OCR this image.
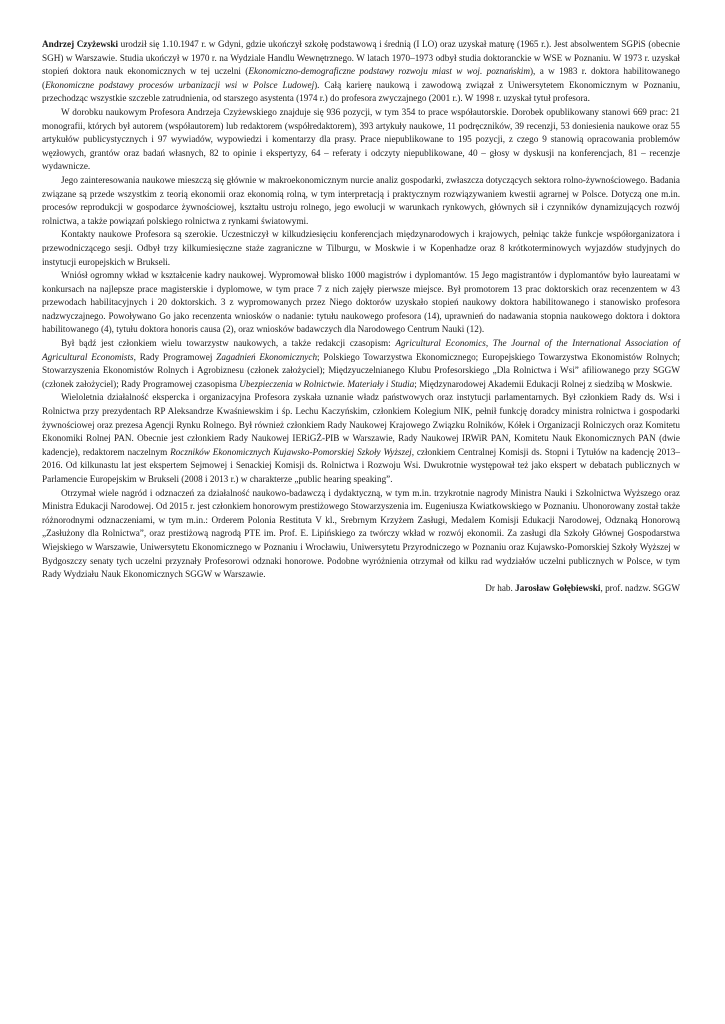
Andrzej Czyżewski urodził się 1.10.1947 r. w Gdyni, gdzie ukończył szkołę podstawową i średnią (I LO) oraz uzyskał maturę (1965 r.). Jest absolwentem SGPiS (obecnie SGH) w Warszawie. Studia ukończył w 1970 r. na Wydziale Handlu Wewnętrznego. W latach 1970–1973 odbył studia doktoranckie w WSE w Poznaniu. W 1973 r. uzyskał stopień doktora nauk ekonomicznych w tej uczelni (Ekonomiczno-demograficzne podstawy rozwoju miast w woj. poznańskim), a w 1983 r. doktora habilitowanego (Ekonomiczne podstawy procesów urbanizacji wsi w Polsce Ludowej). Całą karierę naukową i zawodową związał z Uniwersytetem Ekonomicznym w Poznaniu, przechodząc wszystkie szczeble zatrudnienia, od starszego asystenta (1974 r.) do profesora zwyczajnego (2001 r.). W 1998 r. uzyskał tytuł profesora.

W dorobku naukowym Profesora Andrzeja Czyżewskiego znajduje się 936 pozycji, w tym 354 to prace współautorskie. Dorobek opublikowany stanowi 669 prac: 21 monografii, których był autorem (współautorem) lub redaktorem (współredaktorem), 393 artykuły naukowe, 11 podręczników, 39 recenzji, 53 doniesienia naukowe oraz 55 artykułów publicystycznych i 97 wywiadów, wypowiedzi i komentarzy dla prasy. Prace niepublikowane to 195 pozycji, z czego 9 stanowią opracowania problemów węzłowych, grantów oraz badań własnych, 82 to opinie i ekspertyzy, 64 – referaty i odczyty niepublikowane, 40 – głosy w dyskusji na konferencjach, 81 – recenzje wydawnicze.

Jego zainteresowania naukowe mieszczą się głównie w makroekonomicznym nurcie analiz gospodarki, zwłaszcza dotyczących sektora rolno-żywnościowego. Badania związane są przede wszystkim z teorią ekonomii oraz ekonomią rolną, w tym interpretacją i praktycznym rozwiązywaniem kwestii agrarnej w Polsce. Dotyczą one m.in. procesów reprodukcji w gospodarce żywnościowej, kształtu ustroju rolnego, jego ewolucji w warunkach rynkowych, głównych sił i czynników dynamizujących rozwój rolnictwa, a także powiązań polskiego rolnictwa z rynkami światowymi.

Kontakty naukowe Profesora są szerokie. Uczestniczył w kilkudziesięciu konferencjach międzynarodowych i krajowych, pełniąc także funkcje współorganizatora i przewodniczącego sesji. Odbył trzy kilkumiesięczne staże zagraniczne w Tilburgu, w Moskwie i w Kopenhadze oraz 8 krótkoterminowych wyjazdów studyjnych do instytucji europejskich w Brukseli.

Wniósł ogromny wkład w kształcenie kadry naukowej. Wypromował blisko 1000 magistrów i dyplomantów. 15 Jego magistrantów i dyplomantów było laureatami w konkursach na najlepsze prace magisterskie i dyplomowe, w tym prace 7 z nich zajęły pierwsze miejsce. Był promotorem 13 prac doktorskich oraz recenzentem w 43 przewodach habilitacyjnych i 20 doktorskich. 3 z wypromowanych przez Niego doktorów uzyskało stopień naukowy doktora habilitowanego i stanowisko profesora nadzwyczajnego. Powoływano Go jako recenzenta wniosków o nadanie: tytułu naukowego profesora (14), uprawnień do nadawania stopnia naukowego doktora i doktora habilitowanego (4), tytułu doktora honoris causa (2), oraz wniosków badawczych dla Narodowego Centrum Nauki (12).

Był bądź jest członkiem wielu towarzystw naukowych, a także redakcji czasopism: Agricultural Economics, The Journal of the International Association of Agricultural Economists, Rady Programowej Zagadnień Ekonomicznych; Polskiego Towarzystwa Ekonomicznego; Europejskiego Towarzystwa Ekonomistów Rolnych; Stowarzyszenia Ekonomistów Rolnych i Agrobiznesu (członek założyciel); Międzyuczelnianego Klubu Profesorskiego „Dla Rolnictwa i Wsi” afiliowanego przy SGGW (członek założyciel); Rady Programowej czasopisma Ubezpieczenia w Rolnictwie. Materiały i Studia; Międzynarodowej Akademii Edukacji Rolnej z siedzibą w Moskwie.

Wieloletnia działalność ekspercka i organizacyjna Profesora zyskała uznanie władz państwowych oraz instytucji parlamentarnych. Był członkiem Rady ds. Wsi i Rolnictwa przy prezydentach RP Aleksandrze Kwaśniewskim i śp. Lechu Kaczyńskim, członkiem Kolegium NIK, pełnił funkcję doradcy ministra rolnictwa i gospodarki żywnościowej oraz prezesa Agencji Rynku Rolnego. Był również członkiem Rady Naukowej Krajowego Związku Rolników, Kółek i Organizacji Rolniczych oraz Komitetu Ekonomiki Rolnej PAN. Obecnie jest członkiem Rady Naukowej IERiGŻ-PIB w Warszawie, Rady Naukowej IRWiR PAN, Komitetu Nauk Ekonomicznych PAN (dwie kadencje), redaktorem naczelnym Roczników Ekonomicznych Kujawsko-Pomorskiej Szkoły Wyższej, członkiem Centralnej Komisji ds. Stopni i Tytułów na kadencję 2013–2016. Od kilkunastu lat jest ekspertem Sejmowej i Senackiej Komisji ds. Rolnictwa i Rozwoju Wsi. Dwukrotnie występował też jako ekspert w debatach publicznych w Parlamencie Europejskim w Brukseli (2008 i 2013 r.) w charakterze „public hearing speaking”.

Otrzymał wiele nagród i odznaczeń za działalność naukowo-badawczą i dydaktyczną, w tym m.in. trzykrotnie nagrody Ministra Nauki i Szkolnictwa Wyższego oraz Ministra Edukacji Narodowej. Od 2015 r. jest członkiem honorowym prestiżowego Stowarzyszenia im. Eugeniusza Kwiatkowskiego w Poznaniu. Uhonorowany został także różnorodnymi odznaczeniami, w tym m.in.: Orderem Polonia Restituta V kl., Srebrnym Krzyżem Zasługi, Medalem Komisji Edukacji Narodowej, Odznaką Honorową „Zasłużony dla Rolnictwa”, oraz prestiżową nagrodą PTE im. Prof. E. Lipińskiego za twórczy wkład w rozwój ekonomii. Za zasługi dla Szkoły Głównej Gospodarstwa Wiejskiego w Warszawie, Uniwersytetu Ekonomicznego w Poznaniu i Wrocławiu, Uniwersytetu Przyrodniczego w Poznaniu oraz Kujawsko-Pomorskiej Szkoły Wyższej w Bydgoszczy senaty tych uczelni przyznały Profesorowi odznaki honorowe. Podobne wyróżnienia otrzymał od kilku rad wydziałów uczelni publicznych w Polsce, w tym Rady Wydziału Nauk Ekonomicznych SGGW w Warszawie.

Dr hab. Jarosław Gołębiewski, prof. nadzw. SGGW
